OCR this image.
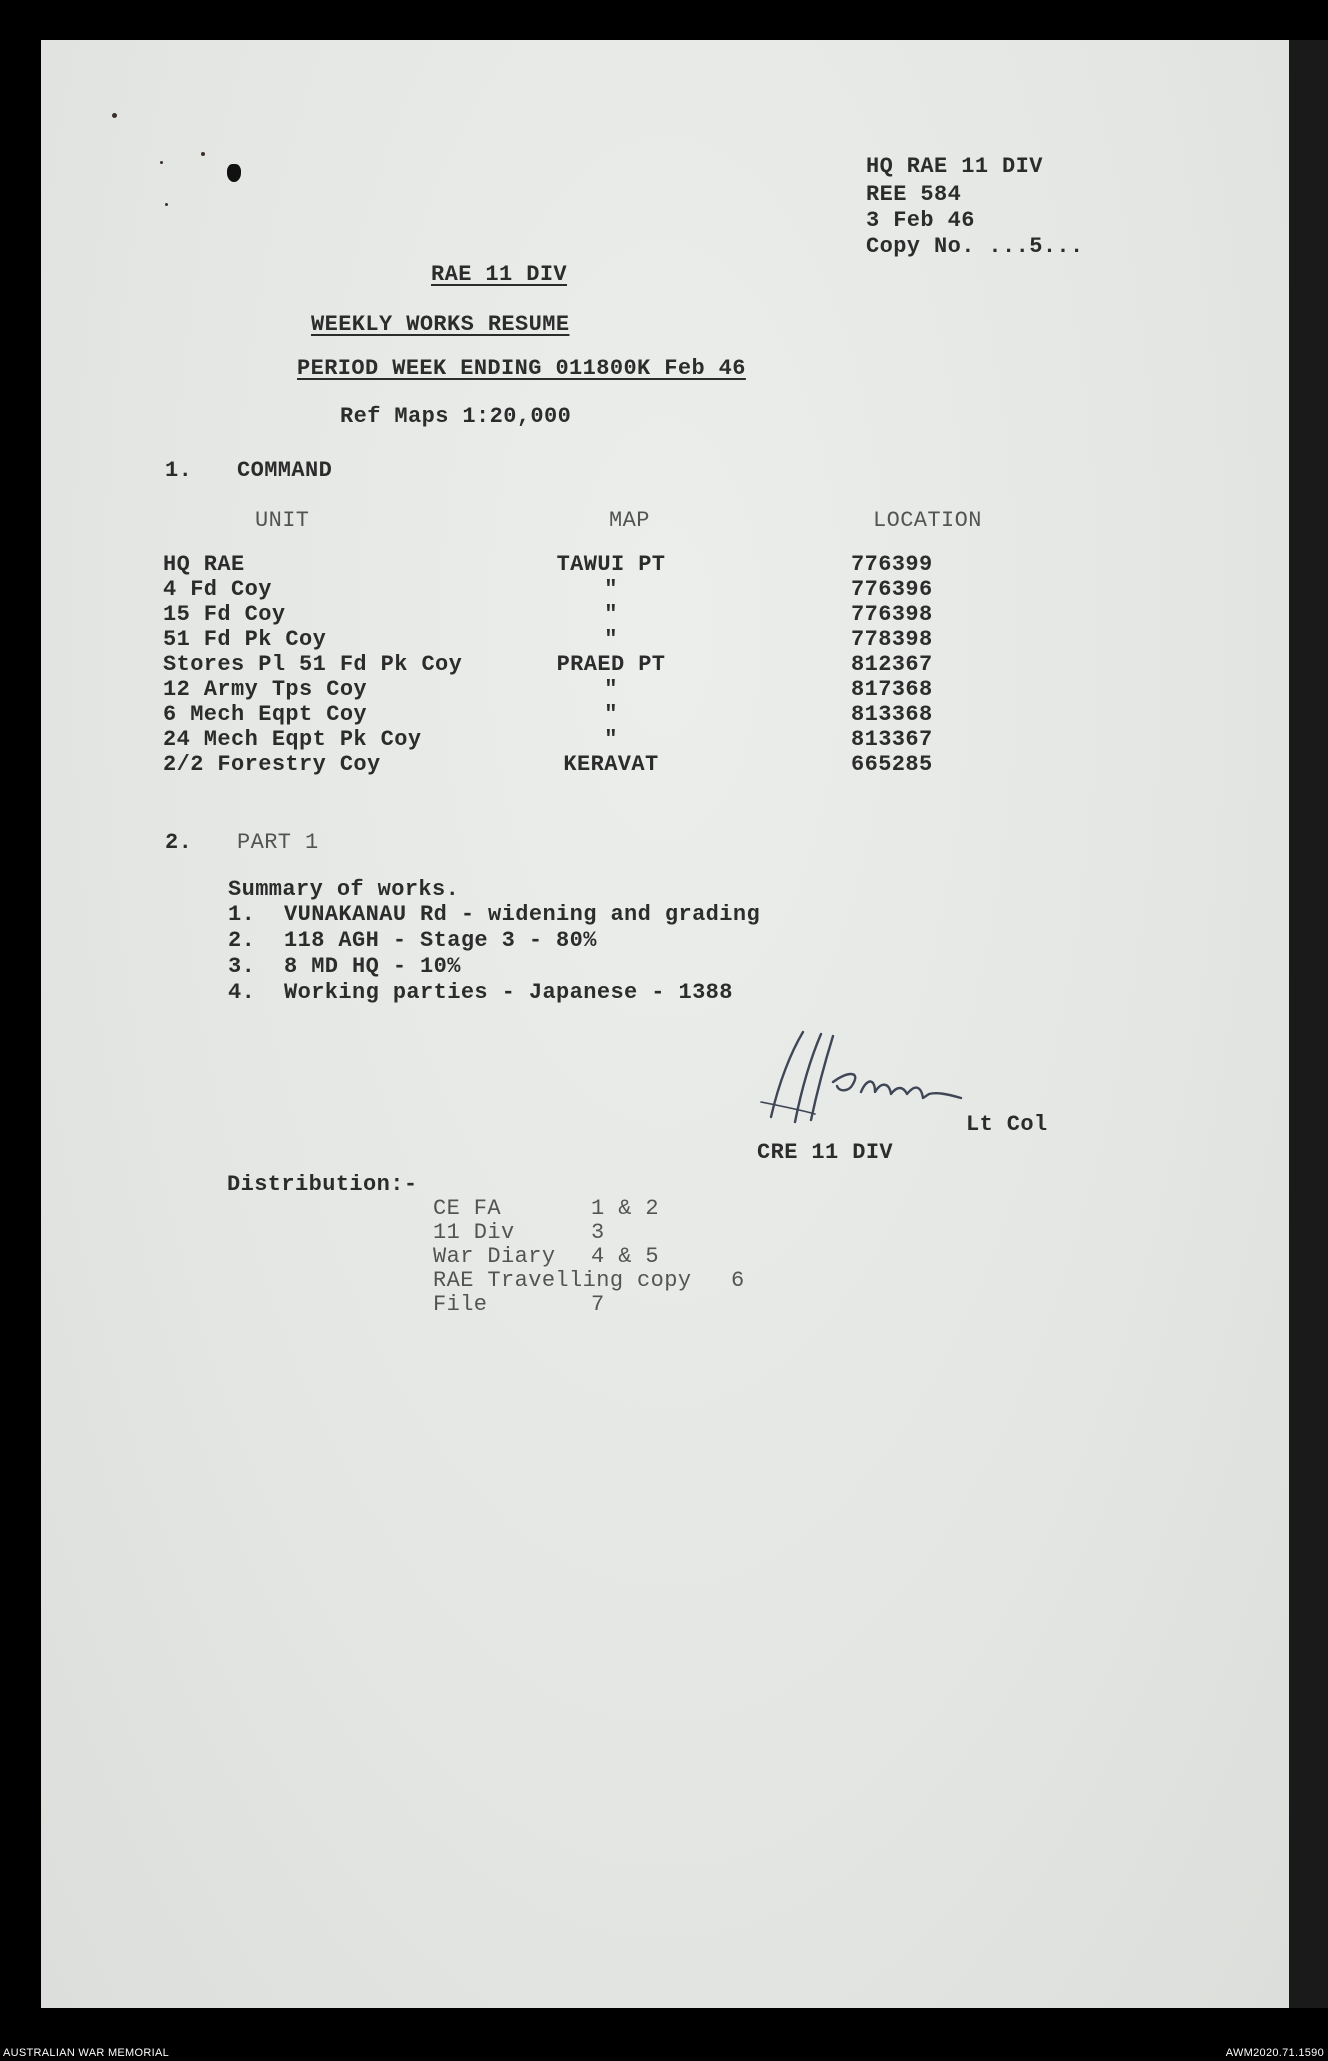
HQ RAE 11 DIV
REE 584
3 Feb 46
Copy No. ...5...
RAE 11 DIV
WEEKLY WORKS RESUME
PERIOD WEEK ENDING 011800K Feb 46
Ref Maps 1:20,000
1. COMMAND
UNIT	MAP	LOCATION
HQ RAE	TAWUI PT	776399
4 Fd Coy	"	776396
15 Fd Coy	"	776398
51 Fd Pk Coy	"	778398
Stores Pl 51 Fd Pk Coy	PRAED PT	812367
12 Army Tps Coy	"	817368
6 Mech Eqpt Coy	"	813368
24 Mech Eqpt Pk Coy	"	813367
2/2 Forestry Coy	KERAVAT	665285
2. PART 1
Summary of works.
1. VUNAKANAU Rd - widening and grading
2. 118 AGH - Stage 3 - 80%
3. 8 MD HQ - 10%
4. Working parties - Japanese - 1388
Lt Col
CRE 11 DIV
Distribution:-
CE FA	1 & 2
11 Div	3
War Diary 4 & 5
RAE Travelling copy 6
File	7
AUSTRALIAN WAR MEMORIAL	AWM2020.71.1590
